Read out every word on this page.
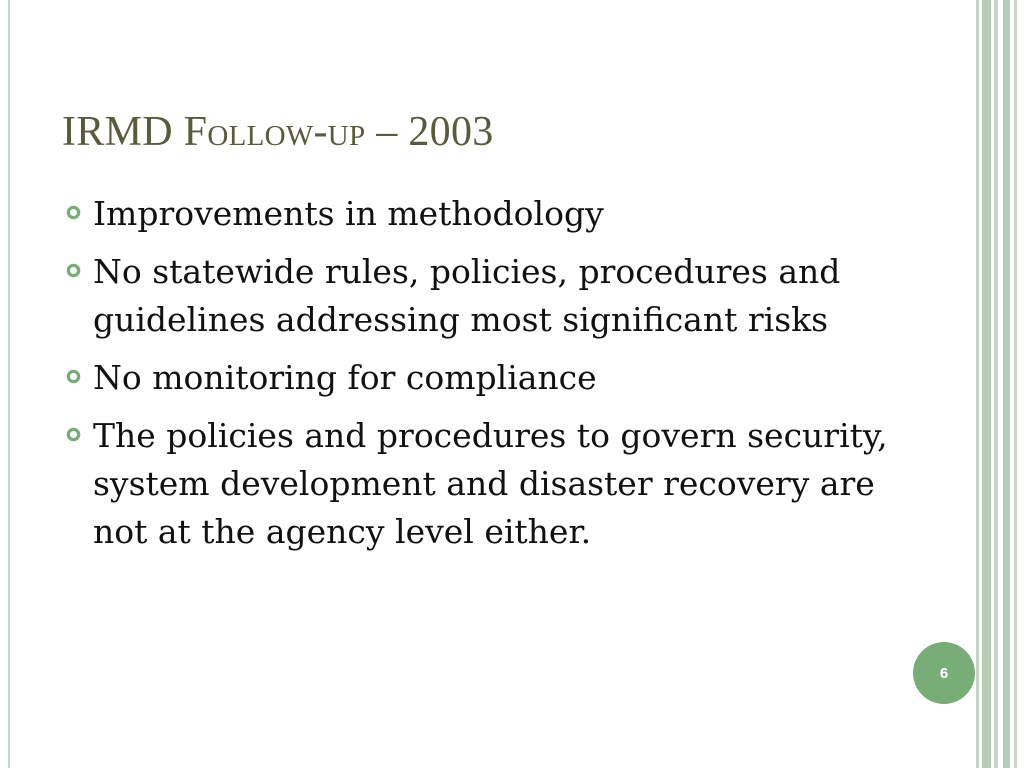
IRMD Follow-up – 2003
Improvements in methodology
No statewide rules, policies, procedures and guidelines addressing most significant risks
No monitoring for compliance
The policies and procedures to govern security, system development and disaster recovery are not at the agency level either.
6
